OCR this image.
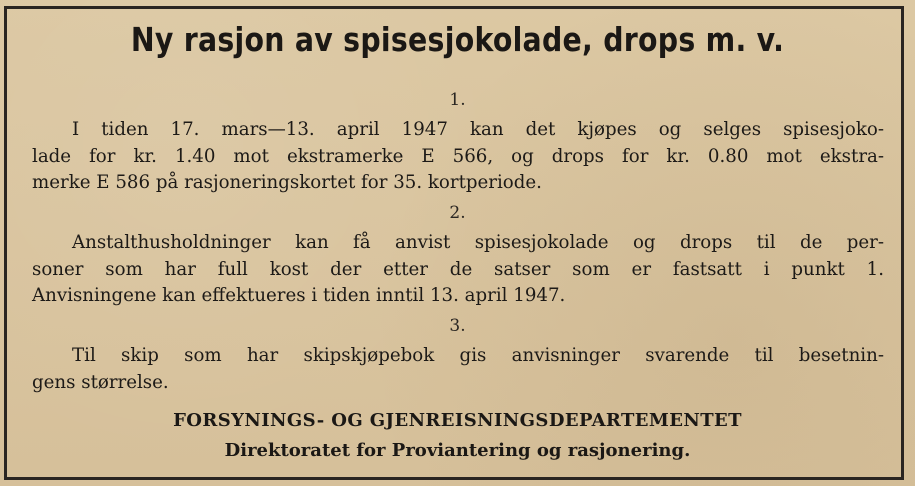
Ny rasjon av spisesjokolade, drops m. v.
1.
I tiden 17. mars—13. april 1947 kan det kjøpes og selges spisesjoko-
lade for kr. 1.40 mot ekstramerke E 566, og drops for kr. 0.80 mot ekstra-
merke E 586 på rasjoneringskortet for 35. kortperiode.
2.
Anstalthusholdninger kan få anvist spisesjokolade og drops til de per-
soner som har full kost der etter de satser som er fastsatt i punkt 1.
Anvisningene kan effektueres i tiden inntil 13. april 1947.
3.
Til skip som har skipskjøpebok gis anvisninger svarende til besetnin-
gens størrelse.
FORSYNINGS- OG GJENREISNINGSDEPARTEMENTET
Direktoratet for Proviantering og rasjonering.
